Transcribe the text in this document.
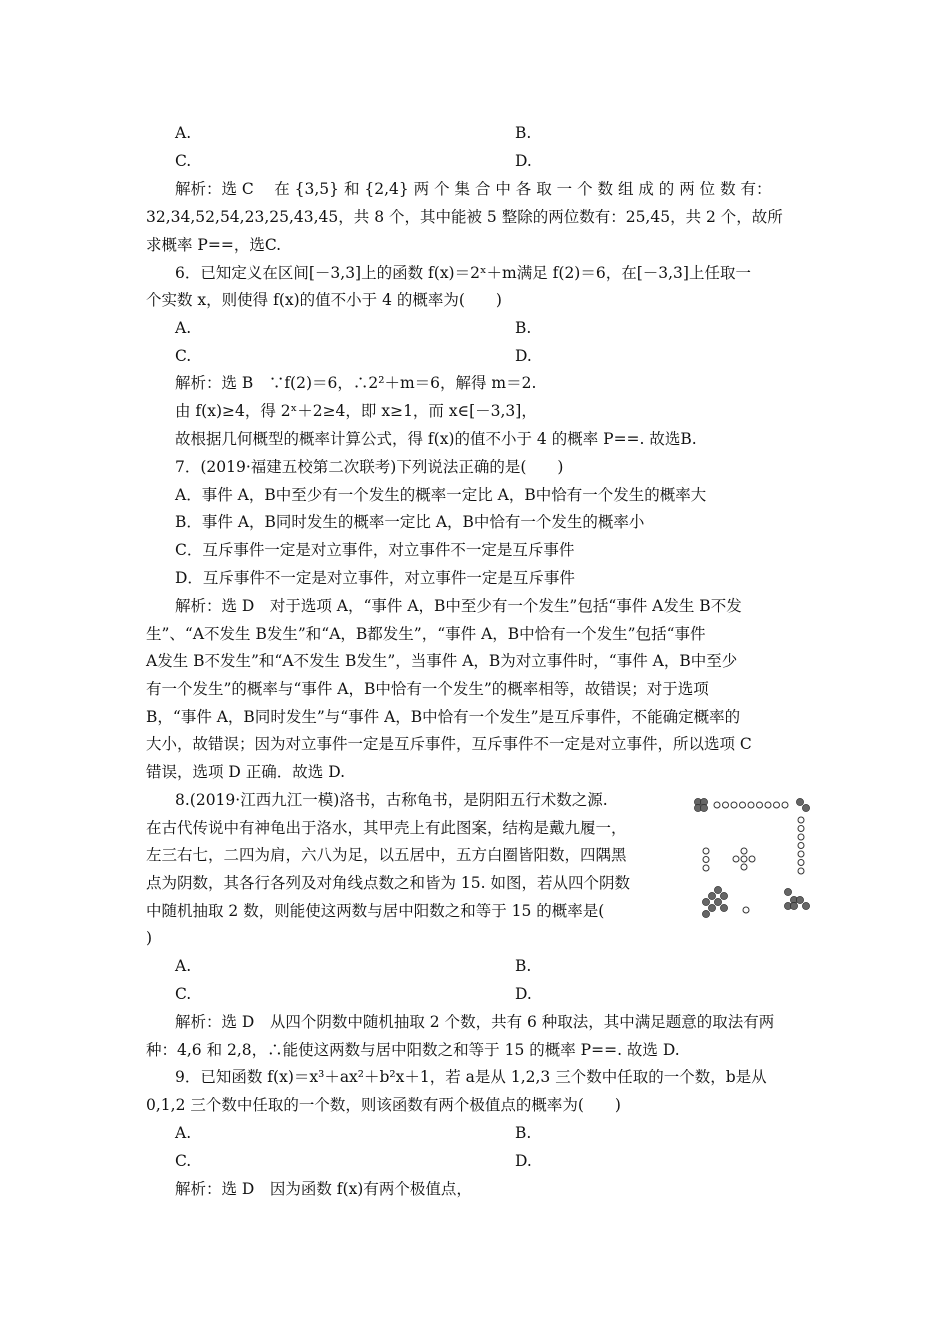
A.	B.
C.	D.
解析：选 C　 在 {3,5} 和 {2,4} 两 个 集 合 中 各 取 一 个 数 组 成 的 两 位 数 有：
32,34,52,54,23,25,43,45，共 8 个，其中能被 5 整除的两位数有：25,45，共 2 个，故所
求概率 P==，选C.
6．已知定义在区间[－3,3]上的函数 f(x)＝2ˣ＋m满足 f(2)＝6，在[－3,3]上任取一
个实数 x，则使得 f(x)的值不小于 4 的概率为(　　)
A.	B.
C.	D.
解析：选 B　∵f(2)＝6，∴2²＋m＝6，解得 m＝2.
由 f(x)≥4，得 2ˣ＋2≥4，即 x≥1，而 x∈[－3,3]，
故根据几何概型的概率计算公式，得 f(x)的值不小于 4 的概率 P==. 故选B.
7．(2019·福建五校第二次联考)下列说法正确的是(　　)
A．事件 A，B中至少有一个发生的概率一定比 A，B中恰有一个发生的概率大
B．事件 A，B同时发生的概率一定比 A，B中恰有一个发生的概率小
C．互斥事件一定是对立事件，对立事件不一定是互斥事件
D．互斥事件不一定是对立事件，对立事件一定是互斥事件
解析：选 D　对于选项 A，“事件 A，B中至少有一个发生”包括“事件 A发生 B不发
生”、“A不发生 B发生”和“A，B都发生”，“事件 A，B中恰有一个发生”包括“事件
A发生 B不发生”和“A不发生 B发生”，当事件 A，B为对立事件时，“事件 A，B中至少
有一个发生”的概率与“事件 A，B中恰有一个发生”的概率相等，故错误；对于选项
B，“事件 A，B同时发生”与“事件 A，B中恰有一个发生”是互斥事件，不能确定概率的
大小，故错误；因为对立事件一定是互斥事件，互斥事件不一定是对立事件，所以选项 C
错误，选项 D 正确．故选 D.
8.(2019·江西九江一模)洛书，古称龟书，是阴阳五行术数之源.
在古代传说中有神龟出于洛水，其甲壳上有此图案，结构是戴九履一，
左三右七，二四为肩，六八为足，以五居中，五方白圈皆阳数，四隅黑
点为阴数，其各行各列及对角线点数之和皆为 15. 如图，若从四个阴数
中随机抽取 2 数，则能使这两数与居中阳数之和等于 15 的概率是(
)
A.	B.
C.	D.
解析：选 D　从四个阴数中随机抽取 2 个数，共有 6 种取法，其中满足题意的取法有两
种：4,6 和 2,8，∴能使这两数与居中阳数之和等于 15 的概率 P==. 故选 D.
9．已知函数 f(x)＝x³＋ax²＋b²x＋1，若 a是从 1,2,3 三个数中任取的一个数，b是从
0,1,2 三个数中任取的一个数，则该函数有两个极值点的概率为(　　)
A.	B.
C.	D.
解析：选 D　因为函数 f(x)有两个极值点，
